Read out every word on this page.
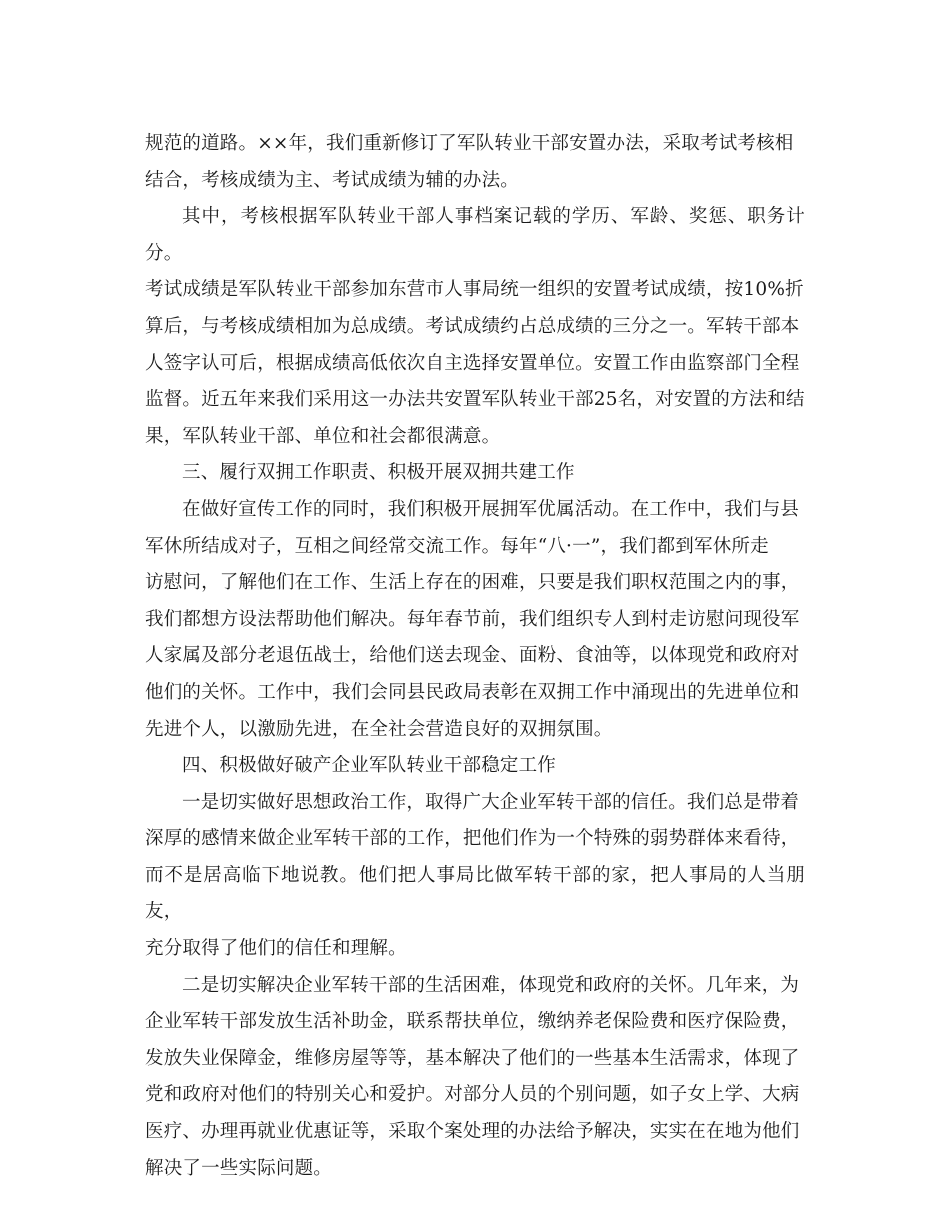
规范的道路。××年，我们重新修订了军队转业干部安置办法，采取考试考核相
结合，考核成绩为主、考试成绩为辅的办法。

其中，考核根据军队转业干部人事档案记载的学历、军龄、奖惩、职务计分。
考试成绩是军队转业干部参加东营市人事局统一组织的安置考试成绩，按10%折
算后，与考核成绩相加为总成绩。考试成绩约占总成绩的三分之一。军转干部本
人签字认可后，根据成绩高低依次自主选择安置单位。安置工作由监察部门全程
监督。近五年来我们采用这一办法共安置军队转业干部25名，对安置的方法和结
果，军队转业干部、单位和社会都很满意。

三、履行双拥工作职责、积极开展双拥共建工作

在做好宣传工作的同时，我们积极开展拥军优属活动。在工作中，我们与县
军休所结成对子，互相之间经常交流工作。每年“八·一”，我们都到军休所走
访慰问，了解他们在工作、生活上存在的困难，只要是我们职权范围之内的事，
我们都想方设法帮助他们解决。每年春节前，我们组织专人到村走访慰问现役军
人家属及部分老退伍战士，给他们送去现金、面粉、食油等，以体现党和政府对
他们的关怀。工作中，我们会同县民政局表彰在双拥工作中涌现出的先进单位和
先进个人，以激励先进，在全社会营造良好的双拥氛围。

四、积极做好破产企业军队转业干部稳定工作

一是切实做好思想政治工作，取得广大企业军转干部的信任。我们总是带着
深厚的感情来做企业军转干部的工作，把他们作为一个特殊的弱势群体来看待，
而不是居高临下地说教。他们把人事局比做军转干部的家，把人事局的人当朋友，
充分取得了他们的信任和理解。

二是切实解决企业军转干部的生活困难，体现党和政府的关怀。几年来，为
企业军转干部发放生活补助金，联系帮扶单位，缴纳养老保险费和医疗保险费，
发放失业保障金，维修房屋等等，基本解决了他们的一些基本生活需求，体现了
党和政府对他们的特别关心和爱护。对部分人员的个别问题，如子女上学、大病
医疗、办理再就业优惠证等，采取个案处理的办法给予解决，实实在在地为他们
解决了一些实际问题。
